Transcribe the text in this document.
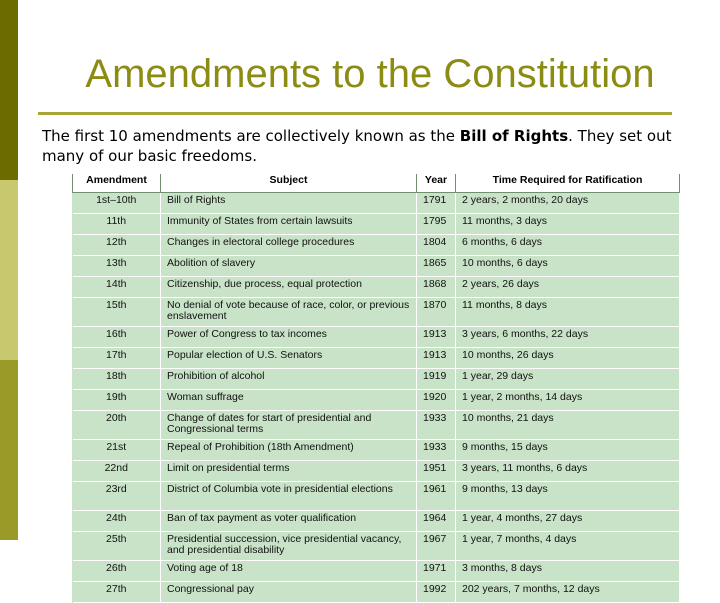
Amendments to the Constitution
The first 10 amendments are collectively known as the Bill of Rights. They set out many of our basic freedoms.
Amendment	Subject	Year	Time Required for Ratification
1st–10th	Bill of Rights	1791	2 years, 2 months, 20 days
11th	Immunity of States from certain lawsuits	1795	11 months, 3 days
12th	Changes in electoral college procedures	1804	6 months, 6 days
13th	Abolition of slavery	1865	10 months, 6 days
14th	Citizenship, due process, equal protection	1868	2 years, 26 days
15th	No denial of vote because of race, color, or previous enslavement	1870	11 months, 8 days
16th	Power of Congress to tax incomes	1913	3 years, 6 months, 22 days
17th	Popular election of U.S. Senators	1913	10 months, 26 days
18th	Prohibition of alcohol	1919	1 year, 29 days
19th	Woman suffrage	1920	1 year, 2 months, 14 days
20th	Change of dates for start of presidential and Congressional terms	1933	10 months, 21 days
21st	Repeal of Prohibition (18th Amendment)	1933	9 months, 15 days
22nd	Limit on presidential terms	1951	3 years, 11 months, 6 days
23rd	District of Columbia vote in presidential elections	1961	9 months, 13 days
24th	Ban of tax payment as voter qualification	1964	1 year, 4 months, 27 days
25th	Presidential succession, vice presidential vacancy, and presidential disability	1967	1 year, 7 months, 4 days
26th	Voting age of 18	1971	3 months, 8 days
27th	Congressional pay	1992	202 years, 7 months, 12 days
